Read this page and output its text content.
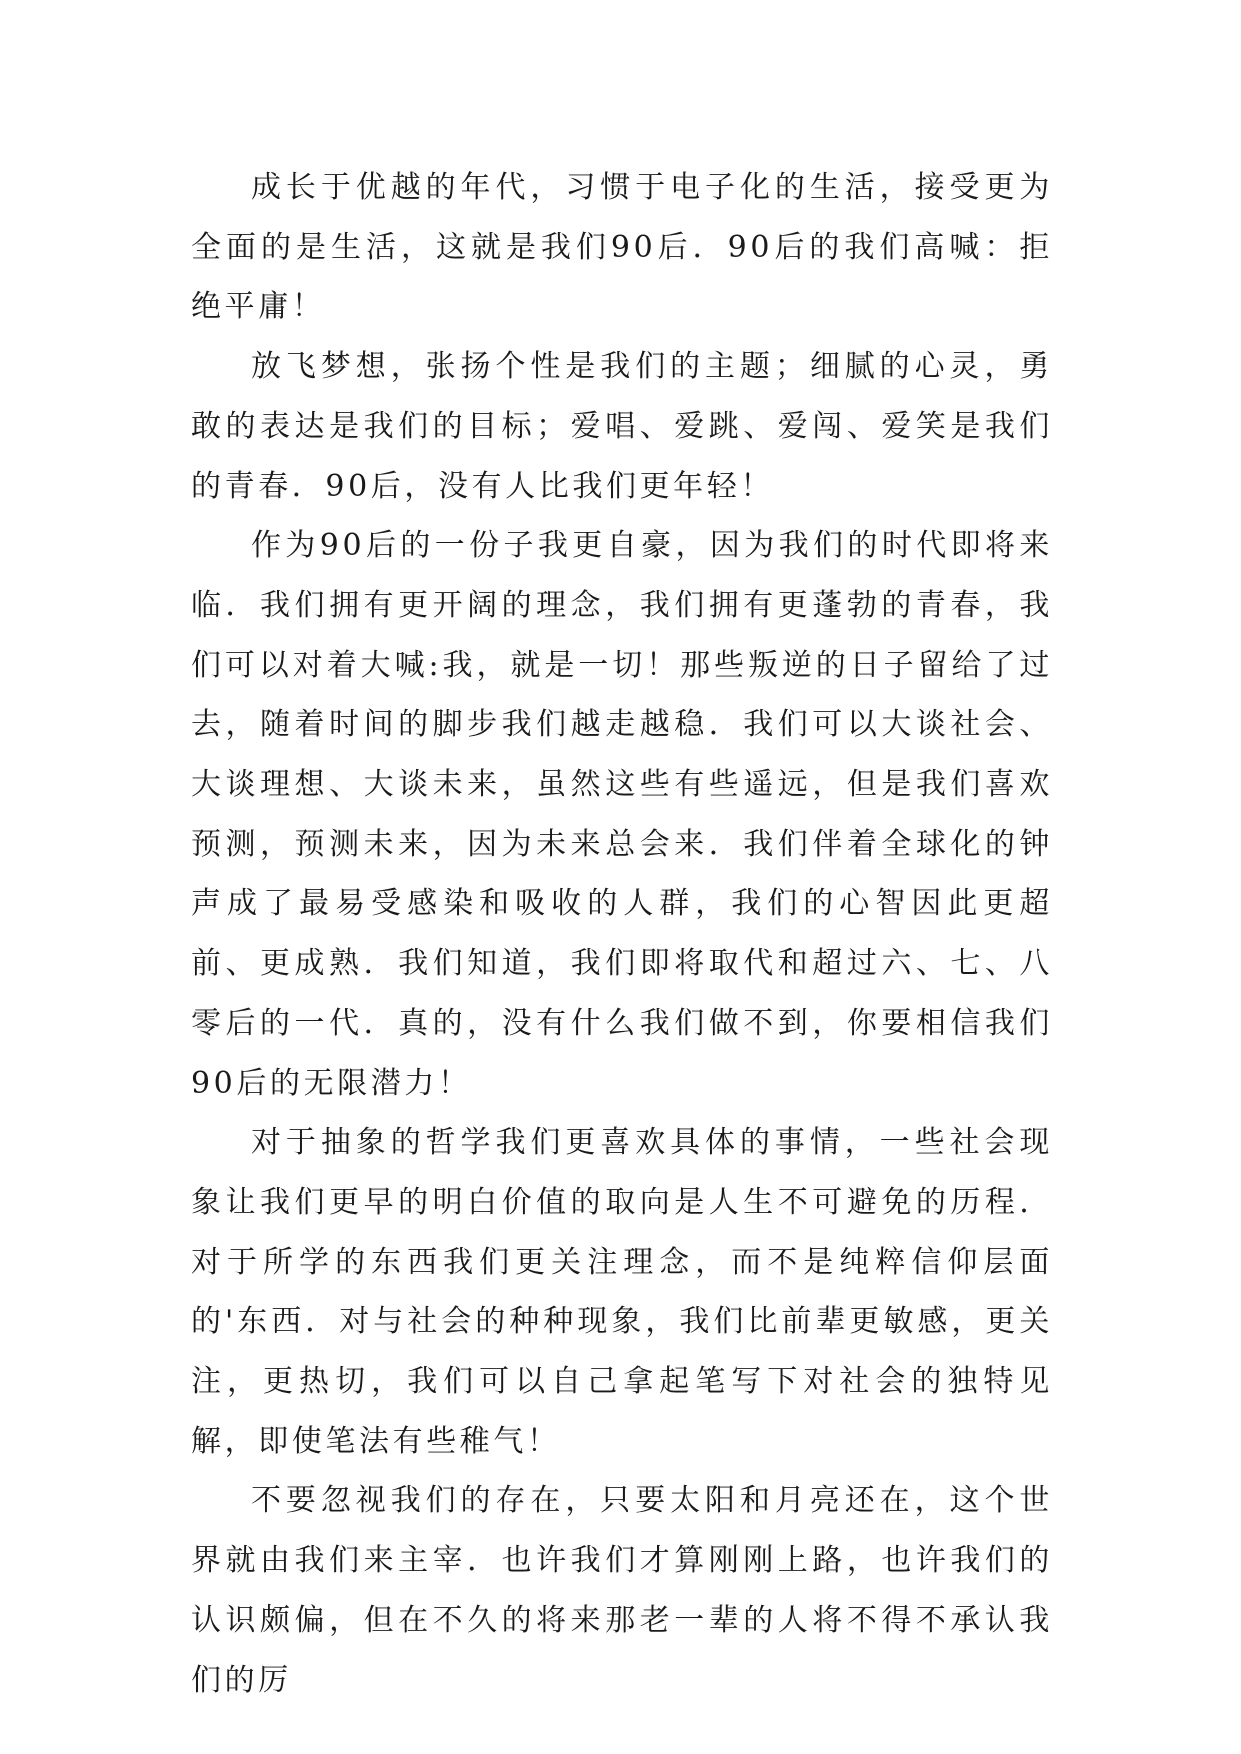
成长于优越的年代，习惯于电子化的生活，接受更为全面的是生活，这就是我们90后．90后的我们高喊：拒绝平庸！

放飞梦想，张扬个性是我们的主题；细腻的心灵，勇敢的表达是我们的目标；爱唱、爱跳、爱闯、爱笑是我们的青春．90后，没有人比我们更年轻！

作为90后的一份子我更自豪，因为我们的时代即将来临．我们拥有更开阔的理念，我们拥有更蓬勃的青春，我们可以对着大喊:我，就是一切！那些叛逆的日子留给了过去，随着时间的脚步我们越走越稳．我们可以大谈社会、大谈理想、大谈未来，虽然这些有些遥远，但是我们喜欢预测，预测未来，因为未来总会来．我们伴着全球化的钟声成了最易受感染和吸收的人群，我们的心智因此更超前、更成熟．我们知道，我们即将取代和超过六、七、八零后的一代．真的，没有什么我们做不到，你要相信我们90后的无限潜力！

对于抽象的哲学我们更喜欢具体的事情，一些社会现象让我们更早的明白价值的取向是人生不可避免的历程．对于所学的东西我们更关注理念，而不是纯粹信仰层面的'东西．对与社会的种种现象，我们比前辈更敏感，更关注，更热切，我们可以自己拿起笔写下对社会的独特见解，即使笔法有些稚气！

不要忽视我们的存在，只要太阳和月亮还在，这个世界就由我们来主宰．也许我们才算刚刚上路，也许我们的认识颇偏，但在不久的将来那老一辈的人将不得不承认我们的厉
